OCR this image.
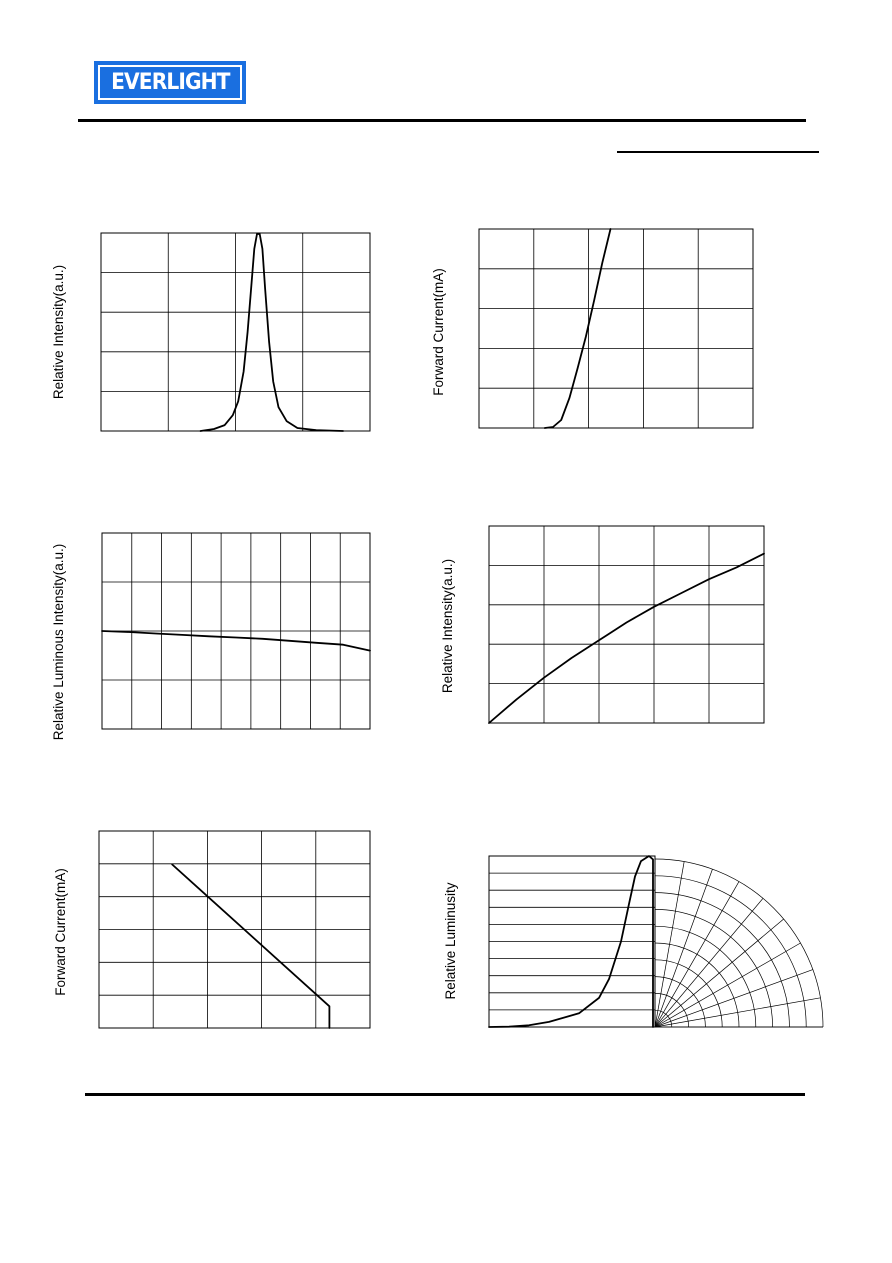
EVERLIGHT
Relative Intensity(a.u.)	Forward Current(mA)
Relative Luminous Intensity(a.u.)	Relative Intensity(a.u.)
Forward Current(mA)	Relative Luminusity
